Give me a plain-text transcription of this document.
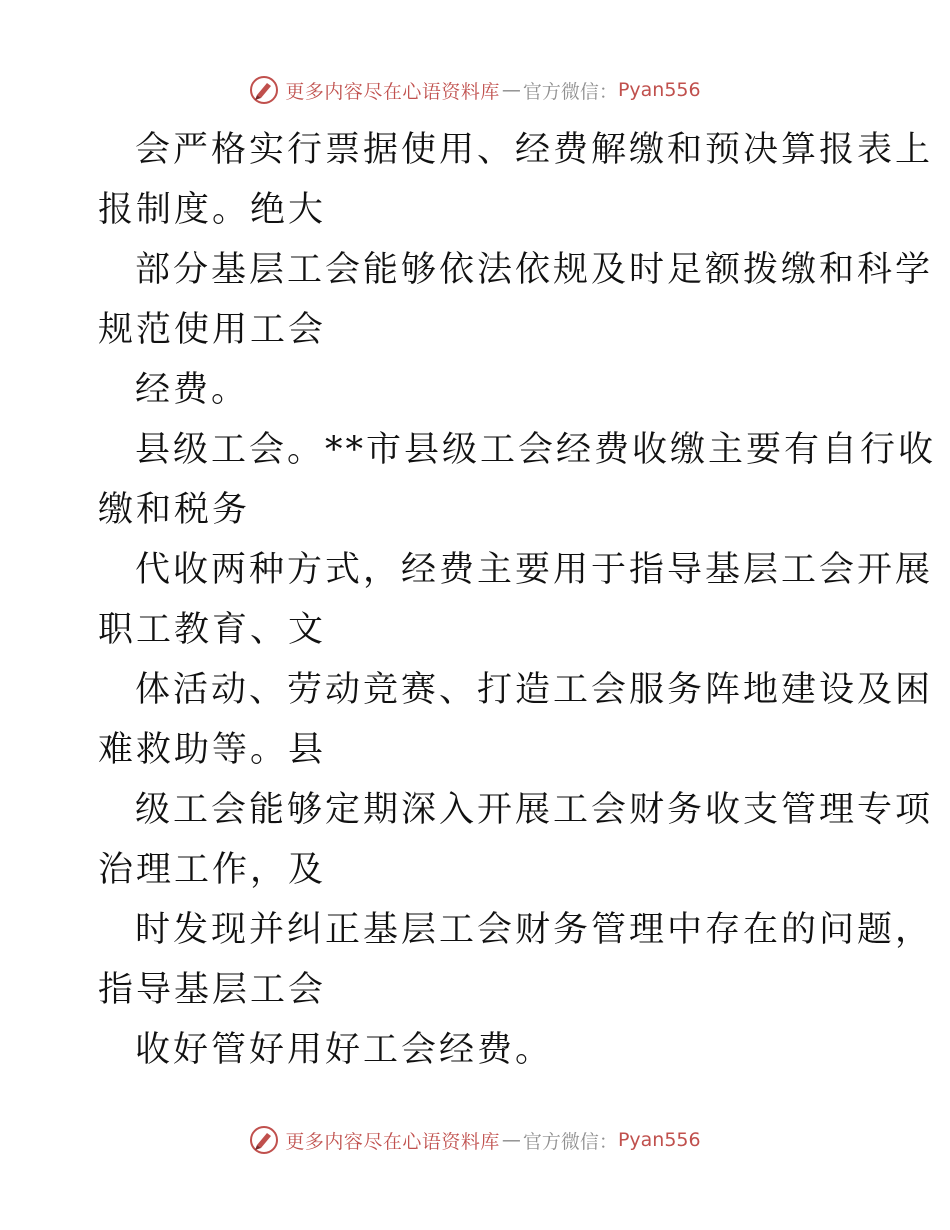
更多内容尽在心语资料库 — 官方微信： Pyan556
会严格实行票据使用、经费解缴和预决算报表上
报制度。绝大
部分基层工会能够依法依规及时足额拨缴和科学
规范使用工会
经费。
县级工会。**市县级工会经费收缴主要有自行收
缴和税务
代收两种方式，经费主要用于指导基层工会开展
职工教育、文
体活动、劳动竞赛、打造工会服务阵地建设及困
难救助等。县
级工会能够定期深入开展工会财务收支管理专项
治理工作，及
时发现并纠正基层工会财务管理中存在的问题，
指导基层工会
收好管好用好工会经费。
更多内容尽在心语资料库 — 官方微信： Pyan556
